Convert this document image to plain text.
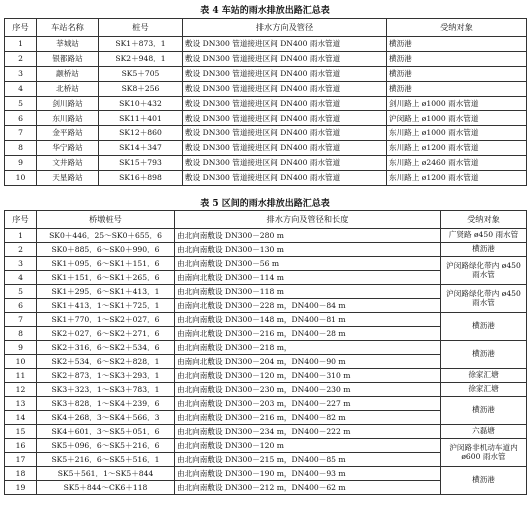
表 4 车站的雨水排放出路汇总表
序号	车站名称	桩号	排水方向及管径	受纳对象
1	莘城站	SK1＋873．1	敷设 DN300 管道接进区间 DN400 雨水管道	横沥港
2	银都路站	SK2＋948．1	敷设 DN300 管道接进区间 DN400 雨水管道	横沥港
3	颛桥站	SK5＋705	敷设 DN300 管道接进区间 DN400 雨水管道	横沥港
4	北桥站	SK8＋256	敷设 DN300 管道接进区间 DN400 雨水管道	横沥港
5	剑川路站	SK10＋432	敷设 DN300 管道接进区间 DN400 雨水管道	剑川路上 ø1000 雨水管道
6	东川路站	SK11＋401	敷设 DN300 管道接进区间 DN400 雨水管道	沪闵路上 ø1000 雨水管道
7	金平路站	SK12＋860	敷设 DN300 管道接进区间 DN400 雨水管道	东川路上 ø1000 雨水管道
8	华宁路站	SK14＋347	敷设 DN300 管道接进区间 DN400 雨水管道	东川路上 ø1200 雨水管道
9	文井路站	SK15＋793	敷设 DN300 管道接进区间 DN400 雨水管道	东川路上 ø2460 雨水管道
10	天星路站	SK16＋898	敷设 DN300 管道接进区间 DN400 雨水管道	东川路上 ø1200 雨水管道
表 5 区间的雨水排放出路汇总表
序号	桥墩桩号	排水方向及管径和长度	受纳对象
1	SK0＋446．25～SK0＋655．6	由北向南敷设 DN300－280 m	广贤路 ø450 雨水管
2	SK0＋885．6～SK0＋990．6	由北向南敷设 DN300－130 m	横沥港
3	SK1＋095．6～SK1＋151．6	由北向南敷设 DN300－56 m	沪闵路绿化带内 ø450 雨水管
4	SK1＋151．6～SK1＋265．6	由南向北敷设 DN300－114 m	
5	SK1＋295．6～SK1＋413．1	由北向南敷设 DN300－118 m	沪闵路绿化带内 ø450 雨水管
6	SK1＋413．1～SK1＋725．1	由南向北敷设 DN300－228 m，DN400－84 m	
7	SK1＋770．1～SK2＋027．6	由北向南敷设 DN300－148 m，DN400－81 m	横沥港
8	SK2＋027．6～SK2＋271．6	由南向北敷设 DN300－216 m，DN400－28 m	
9	SK2＋316．6～SK2＋534．6	由北向南敷设 DN300－218 m，	横沥港
10	SK2＋534．6～SK2＋828．1	由南向北敷设 DN300－204 m，DN400－90 m	
11	SK2＋873．1～SK3＋293．1	由北向南敷设 DN300－120 m，DN400－310 m	徐家汇塘
12	SK3＋323．1～SK3＋783．1	由北向南敷设 DN300－230 m，DN400－230 m	徐家汇塘
13	SK3＋828．1～SK4＋239．6	由北向南敷设 DN300－203 m，DN400－227 m	横沥港
14	SK4＋268．3～SK4＋566．3	由北向南敷设 DN300－216 m，DN400－82 m	
15	SK4＋601．3～SK5＋051．6	由北向南敷设 DN300－234 m，DN400－222 m	六磊塘
16	SK5＋096．6～SK5＋216．6	由北向南敷设 DN300－120 m	沪闵路非机动车道内 ø600 雨水管
17	SK5＋216．6～SK5＋516．1	由北向南敷设 DN300－215 m，DN400－85 m	
18	SK5＋561．1～SK5＋844	由北向南敷设 DN300－190 m，DN400－93 m	横沥港
19	SK5＋844～CK6＋118	由北向南敷设 DN300－212 m，DN400－62 m	
